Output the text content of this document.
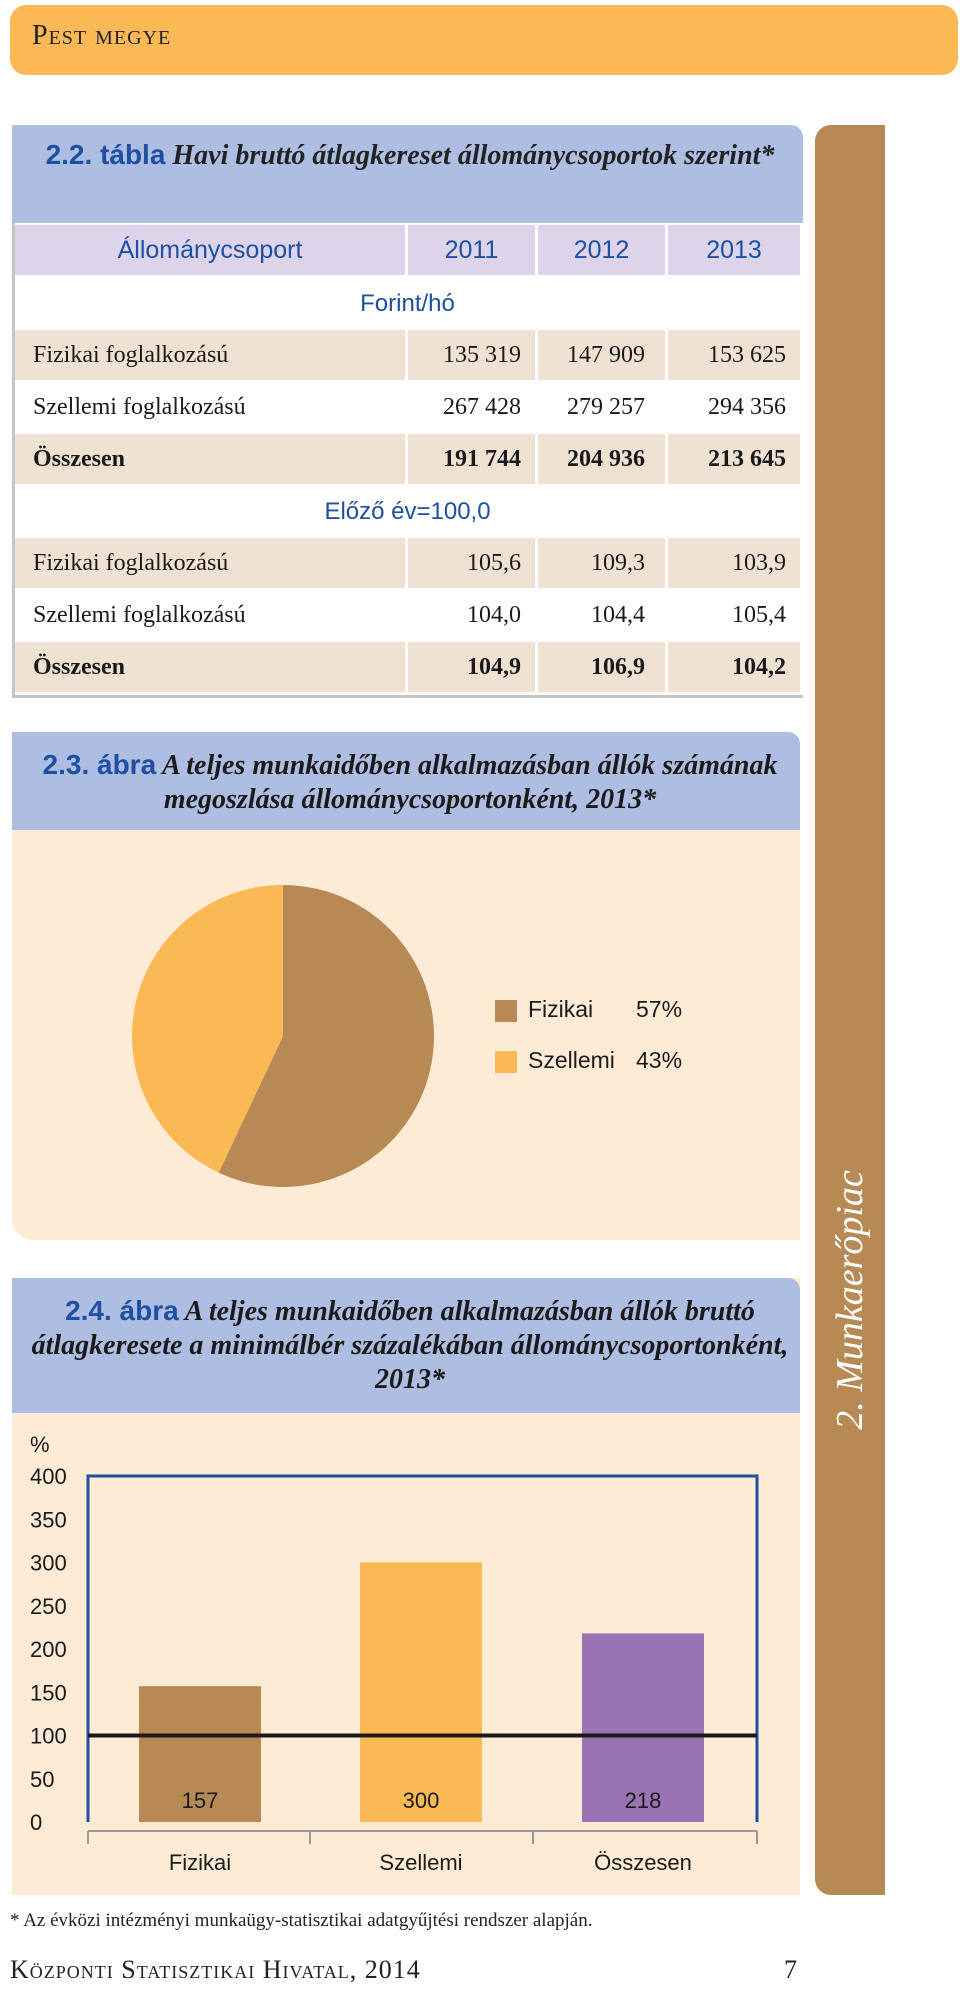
Pest megye
2. Munkaerőpiac
2.2. tábla Havi bruttó átlagkereset állománycsoportok szerint*
Állománycsoport	2011	2012	2013
Forint/hó
Fizikai foglalkozású	135 319	147 909	153 625
Szellemi foglalkozású	267 428	279 257	294 356
Összesen	191 744	204 936	213 645
Előző év=100,0
Fizikai foglalkozású	105,6	109,3	103,9
Szellemi foglalkozású	104,0	104,4	105,4
Összesen	104,9	106,9	104,2
2.3. ábra A teljes munkaidőben alkalmazásban állók számának megoszlása állománycsoportonként, 2013*
Fizikai 57%
Szellemi 43%
2.4. ábra A teljes munkaidőben alkalmazásban állók bruttó átlagkeresete a minimálbér százalékában állománycsoportonként, 2013*
%
0
50
100
150
200
250
300
350
400
157
Fizikai
300
Szellemi
218
Összesen
* Az évközi intézményi munkaügy-statisztikai adatgyűjtési rendszer alapján.
Központi Statisztikai Hivatal, 2014	7
